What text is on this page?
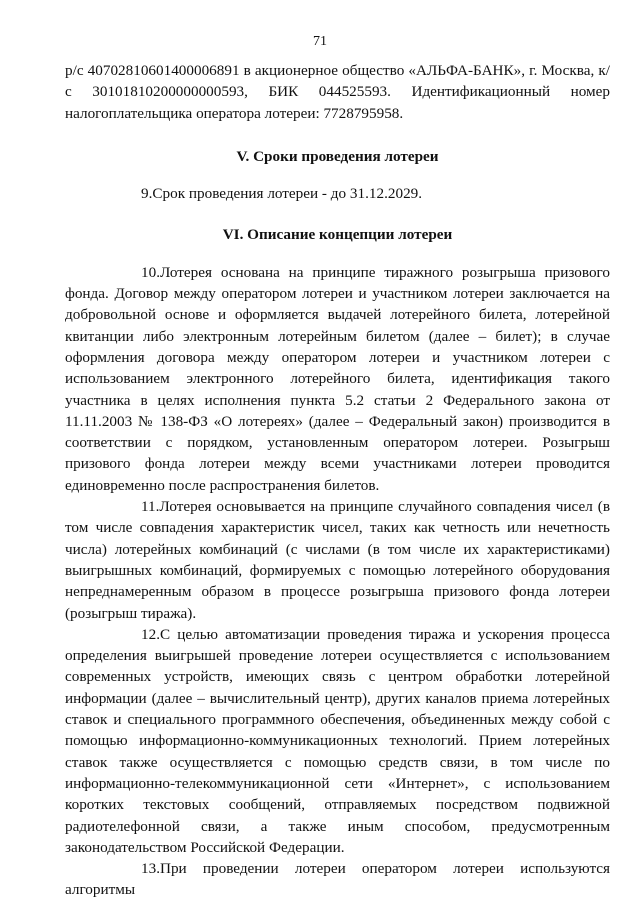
71

р/с 40702810601400006891 в акционерное общество «АЛЬФА-БАНК», г. Москва, к/с 30101810200000000593, БИК 044525593. Идентификационный номер налогоплательщика оператора лотереи: 7728795958.

V. Сроки проведения лотереи

9.Срок проведения лотереи - до 31.12.2029.

VI. Описание концепции лотереи

10.Лотерея основана на принципе тиражного розыгрыша призового фонда. Договор между оператором лотереи и участником лотереи заключается на добровольной основе и оформляется выдачей лотерейного билета, лотерейной квитанции либо электронным лотерейным билетом (далее – билет); в случае оформления договора между оператором лотереи и участником лотереи с использованием электронного лотерейного билета, идентификация такого участника в целях исполнения пункта 5.2 статьи 2 Федерального закона от 11.11.2003 № 138-ФЗ «О лотереях» (далее – Федеральный закон) производится в соответствии с порядком, установленным оператором лотереи. Розыгрыш призового фонда лотереи между всеми участниками лотереи проводится единовременно после распространения билетов.

11.Лотерея основывается на принципе случайного совпадения чисел (в том числе совпадения характеристик чисел, таких как четность или нечетность числа) лотерейных комбинаций (с числами (в том числе их характеристиками) выигрышных комбинаций, формируемых с помощью лотерейного оборудования непреднамеренным образом в процессе розыгрыша призового фонда лотереи (розыгрыш тиража).

12.С целью автоматизации проведения тиража и ускорения процесса определения выигрышей проведение лотереи осуществляется с использованием современных устройств, имеющих связь с центром обработки лотерейной информации (далее – вычислительный центр), других каналов приема лотерейных ставок и специального программного обеспечения, объединенных между собой с помощью информационно-коммуникационных технологий. Прием лотерейных ставок также осуществляется с помощью средств связи, в том числе по информационно-телекоммуникационной сети «Интернет», с использованием коротких текстовых сообщений, отправляемых посредством подвижной радиотелефонной связи, а также иным способом, предусмотренным законодательством Российской Федерации.

13.При проведении лотереи оператором лотереи используются алгоритмы
